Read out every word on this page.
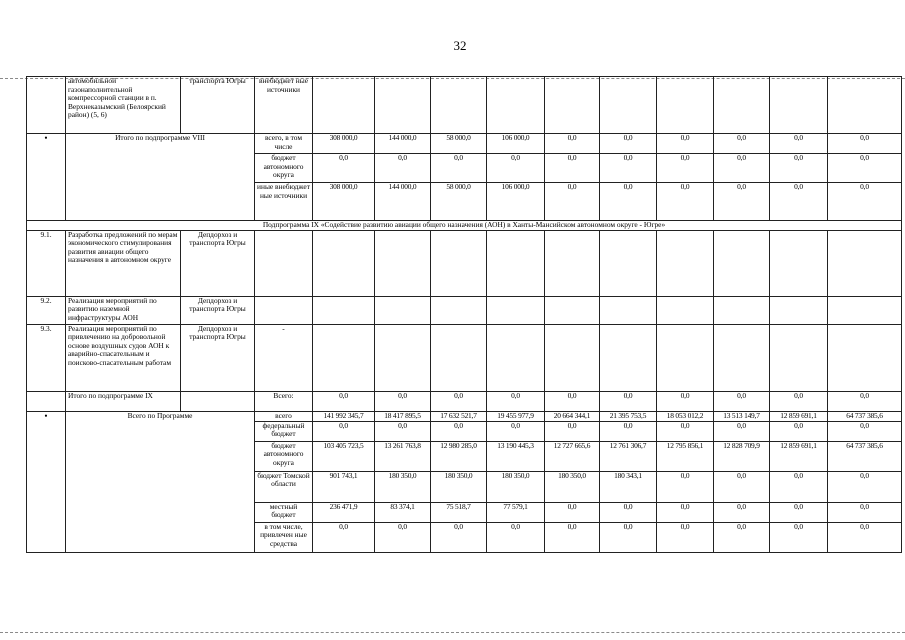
32
	автомобильной газонаполнительной компрессорной станции в п. Верхнеказымский (Белоярский район) (5, 6)	транспорта Югры	внебюджет ные источники										
•	Итого по подпрограмме VIII		всего, в том числе	308 000,0	144 000,0	58 000,0	106 000,0	0,0	0,0	0,0	0,0	0,0	0,0
			бюджет автономного округа	0,0	0,0	0,0	0,0	0,0	0,0	0,0	0,0	0,0	0,0
			иные внебюджет ные источники	308 000,0	144 000,0	58 000,0	106 000,0	0,0	0,0	0,0	0,0	0,0	0,0
Подпрограмма IX «Содействие развитию авиации общего назначения (АОН) в Ханты-Мансийском автономном округе - Югре»													
9.1.	Разработка предложений по мерам экономического стимулирования развития авиации общего назначения в автономном округе	Депдорхоз и транспорта Югры											
9.2.	Реализация мероприятий по развитию наземной инфраструктуры АОН	Депдорхоз и транспорта Югры											
9.3.	Реализация мероприятий по привлечению на добровольной основе воздушных судов АОН к аварийно-спасательным и поисково-спасательным работам	Депдорхоз и транспорта Югры	-										
	Итого по подпрограмме IX		Всего:	0,0	0,0	0,0	0,0	0,0	0,0	0,0	0,0	0,0	0,0
•	Всего по Программе		всего	141 992 345,7	18 417 895,5	17 632 521,7	19 455 977,9	20 664 344,1	21 395 753,5	18 053 012,2	13 513 149,7	12 859 691,1	64 737 385,6
			федеральный бюджет	0,0	0,0	0,0	0,0	0,0	0,0	0,0	0,0	0,0	0,0
			бюджет автономного округа	103 405 723,5	13 261 763,8	12 980 285,0	13 190 445,3	12 727 665,6	12 761 306,7	12 795 856,1	12 828 709,9	12 859 691,1	64 737 385,6
			бюджет Томской области	901 743,1	180 350,0	180 350,0	180 350,0	180 350,0	180 343,1	0,0	0,0	0,0	0,0
			местный бюджет	236 471,9	83 374,1	75 518,7	77 579,1	0,0	0,0	0,0	0,0	0,0	0,0
			в том числе, привлечен ные средства	0,0	0,0	0,0	0,0	0,0	0,0	0,0	0,0	0,0	0,0
